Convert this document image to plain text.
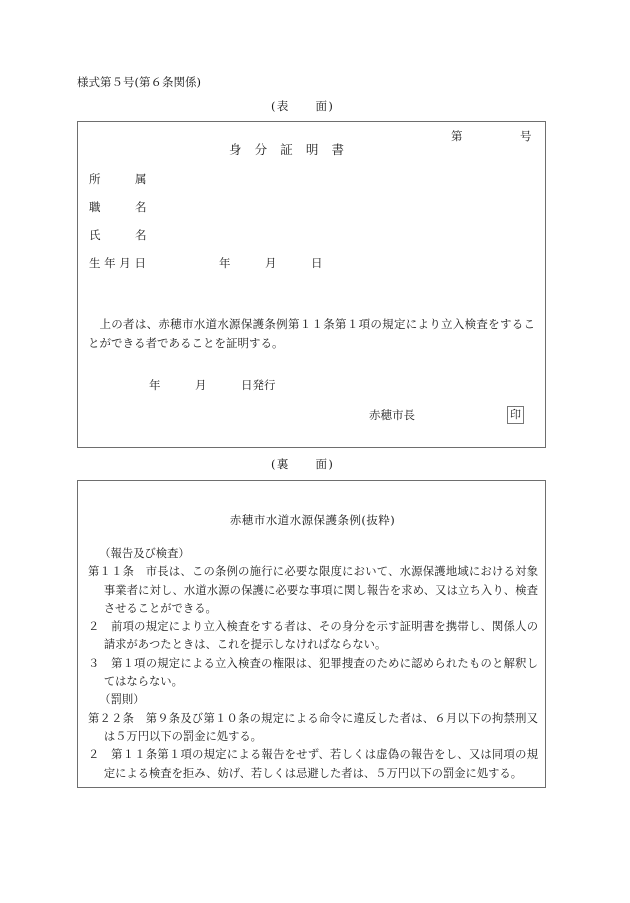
様式第５号(第６条関係)
(表　　面)
第　　　　　号
身分証明書
所　　　属
職　　　名
氏　　　名
生 年 月 日	年　　　月　　　日
上の者は、赤穂市水道水源保護条例第１１条第１項の規定により立入検査をすることができる者であることを証明する。
年　　　月　　　日発行
赤穂市長	印
(裏　　面)
赤穂市水道水源保護条例(抜粋)

（報告及び検査）

第１１条　市長は、この条例の施行に必要な限度において、水源保護地域における対象事業者に対し、水道水源の保護に必要な事項に関し報告を求め、又は立ち入り、検査させることができる。

２　前項の規定により立入検査をする者は、その身分を示す証明書を携帯し、関係人の請求があつたときは、これを提示しなければならない。

３　第１項の規定による立入検査の権限は、犯罪捜査のために認められたものと解釈してはならない。

（罰則）

第２２条　第９条及び第１０条の規定による命令に違反した者は、６月以下の拘禁刑又は５万円以下の罰金に処する。

２　第１１条第１項の規定による報告をせず、若しくは虚偽の報告をし、又は同項の規定による検査を拒み、妨げ、若しくは忌避した者は、５万円以下の罰金に処する。
